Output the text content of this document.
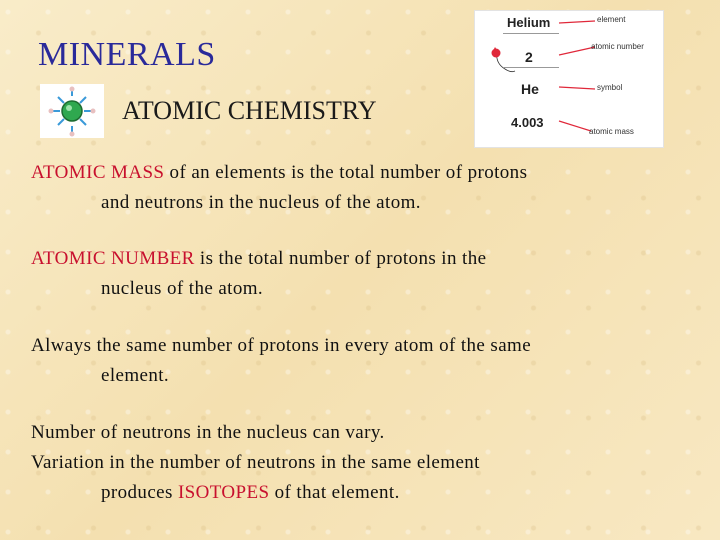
MINERALS
ATOMIC CHEMISTRY
Helium
2
He
4.003
element
atomic number
symbol
atomic mass
ATOMIC MASS of an elements is the total number of protons
and neutrons in the nucleus of the atom.
ATOMIC NUMBER is the total number of protons in the
nucleus of the atom.
Always the same number of protons in every atom of the same
element.
Number of neutrons in the nucleus can vary.
Variation in the number of neutrons in the same element
produces ISOTOPES of that element.
